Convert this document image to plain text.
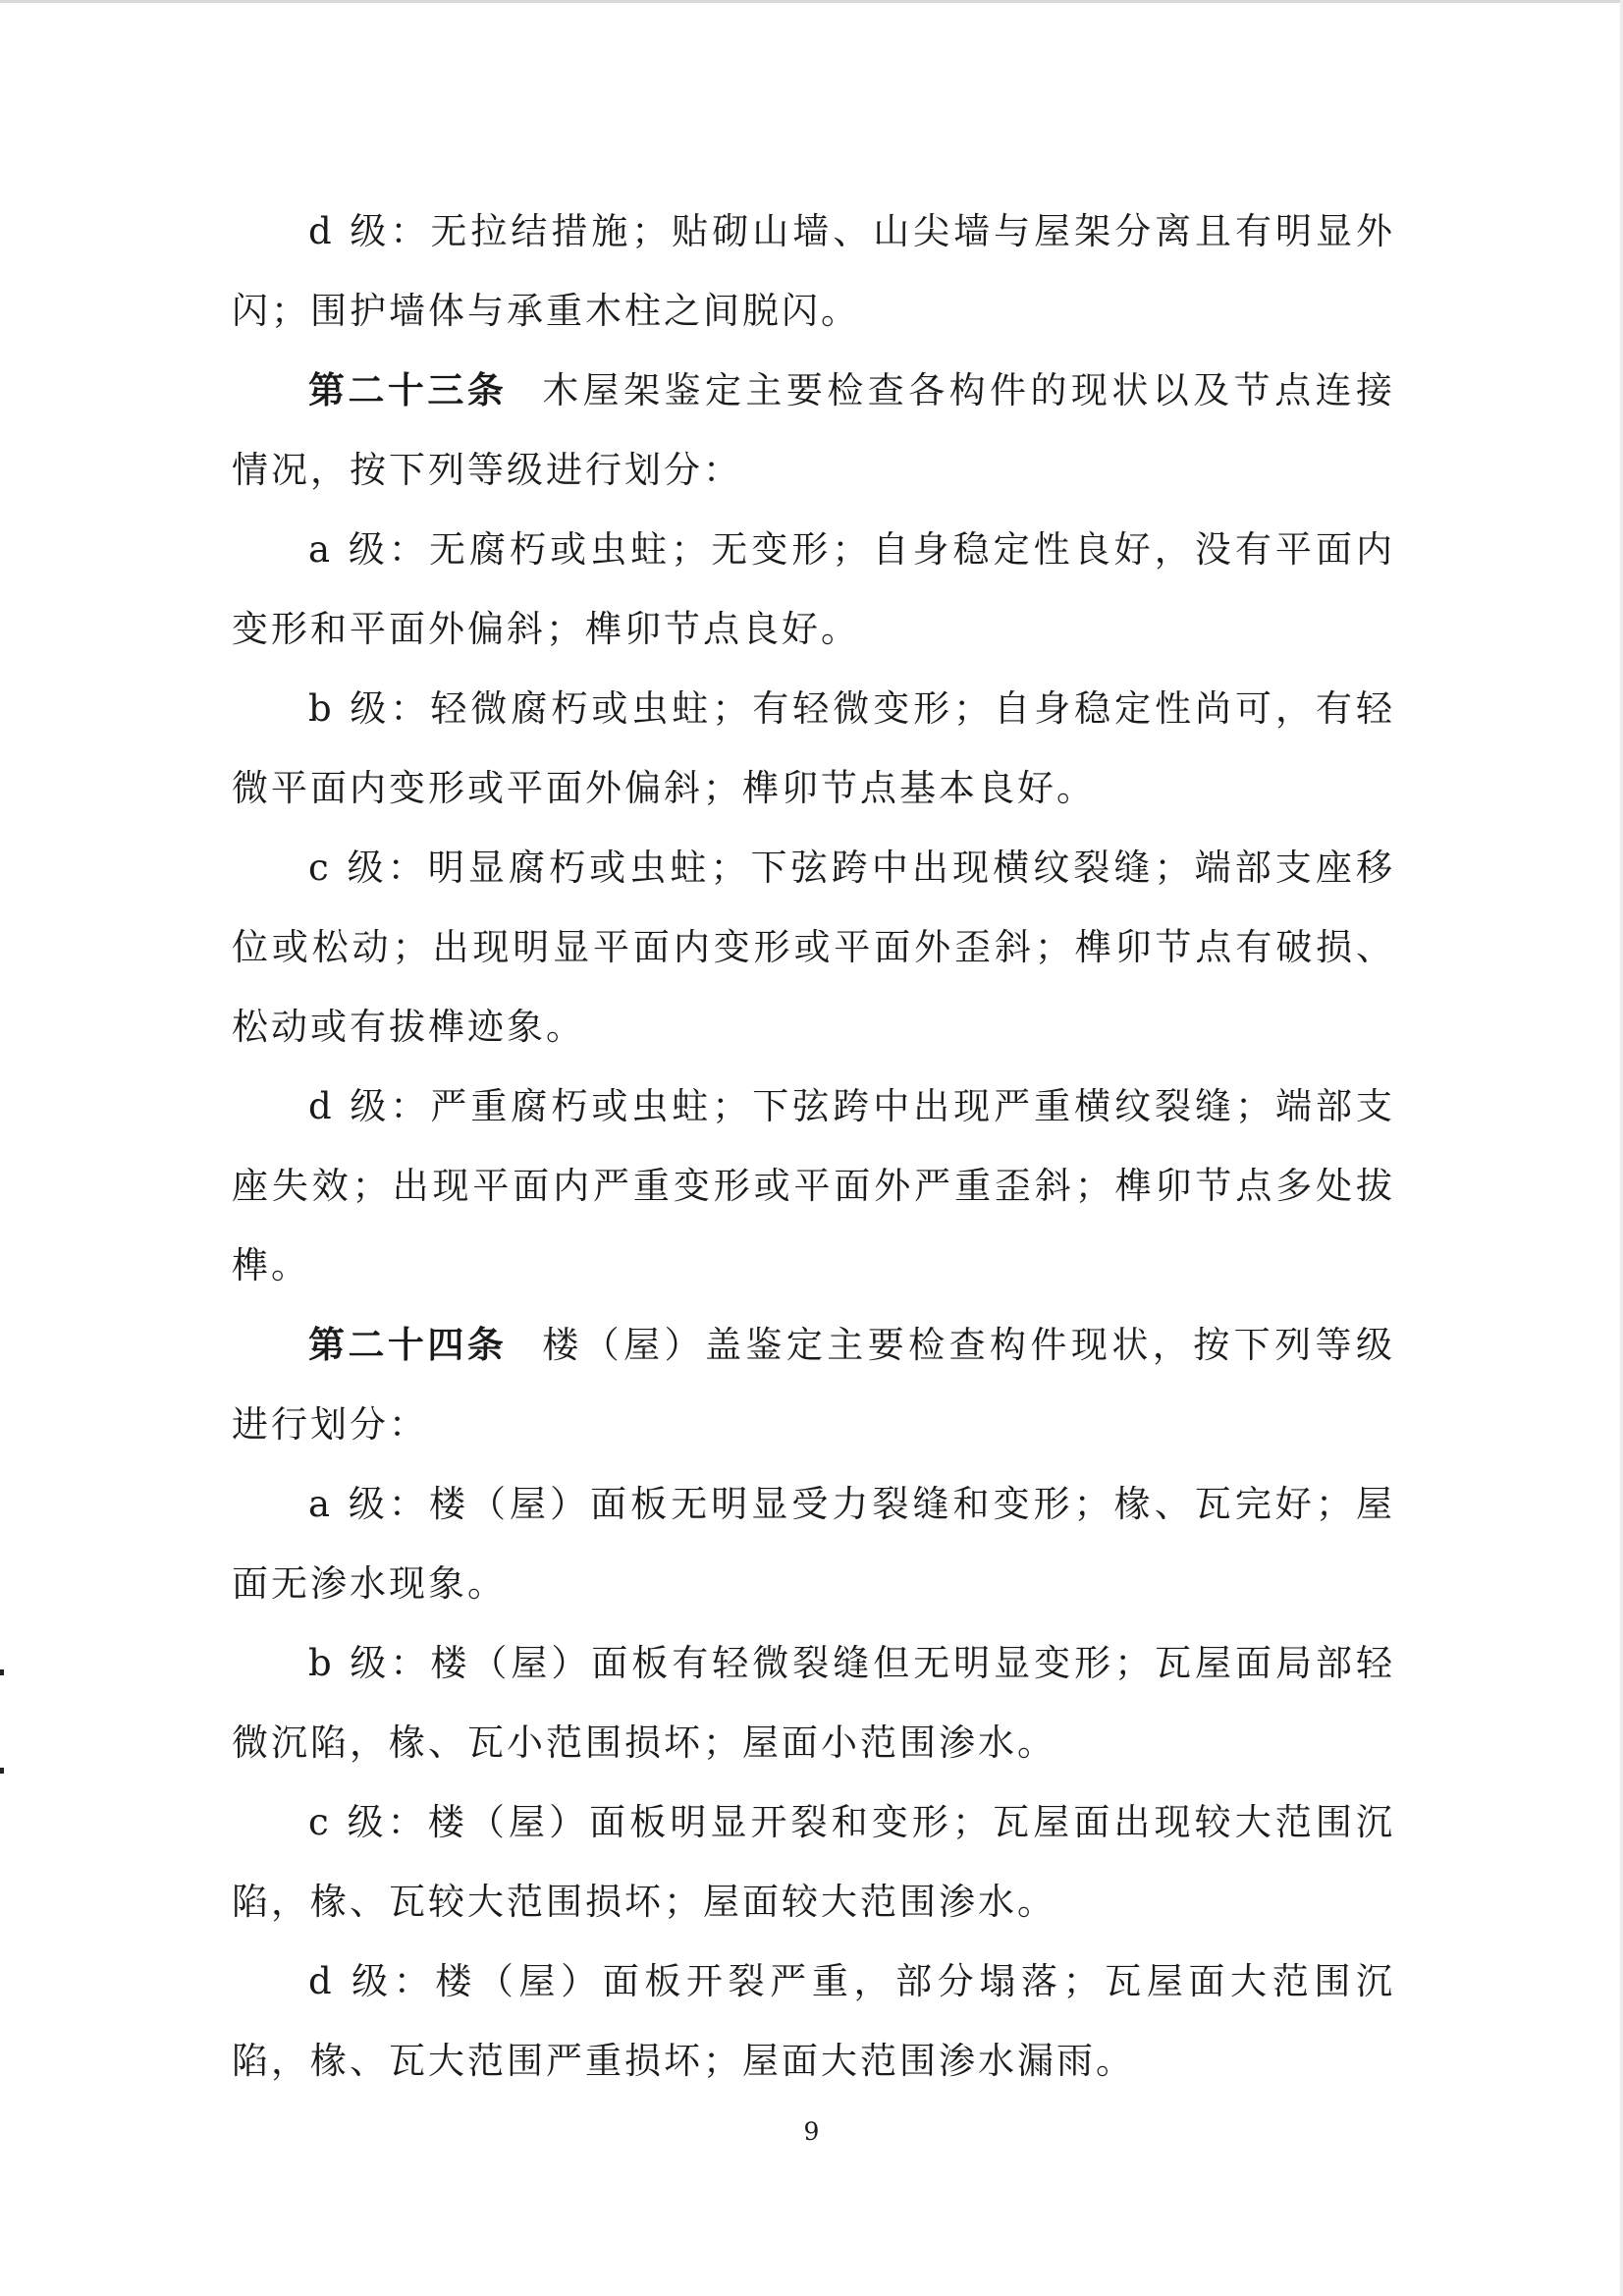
d 级：无拉结措施；贴砌山墙、山尖墙与屋架分离且有明显外闪；围护墙体与承重木柱之间脱闪。

第二十三条 木屋架鉴定主要检查各构件的现状以及节点连接情况，按下列等级进行划分：

a 级：无腐朽或虫蛀；无变形；自身稳定性良好，没有平面内变形和平面外偏斜；榫卯节点良好。

b 级：轻微腐朽或虫蛀；有轻微变形；自身稳定性尚可，有轻微平面内变形或平面外偏斜；榫卯节点基本良好。

c 级：明显腐朽或虫蛀；下弦跨中出现横纹裂缝；端部支座移位或松动；出现明显平面内变形或平面外歪斜；榫卯节点有破损、松动或有拔榫迹象。

d 级：严重腐朽或虫蛀；下弦跨中出现严重横纹裂缝；端部支座失效；出现平面内严重变形或平面外严重歪斜；榫卯节点多处拔榫。

第二十四条 楼（屋）盖鉴定主要检查构件现状，按下列等级进行划分：

a 级：楼（屋）面板无明显受力裂缝和变形；椽、瓦完好；屋面无渗水现象。

b 级：楼（屋）面板有轻微裂缝但无明显变形；瓦屋面局部轻微沉陷，椽、瓦小范围损坏；屋面小范围渗水。

c 级：楼（屋）面板明显开裂和变形；瓦屋面出现较大范围沉陷，椽、瓦较大范围损坏；屋面较大范围渗水。

d 级：楼（屋）面板开裂严重，部分塌落；瓦屋面大范围沉陷，椽、瓦大范围严重损坏；屋面大范围渗水漏雨。

9
